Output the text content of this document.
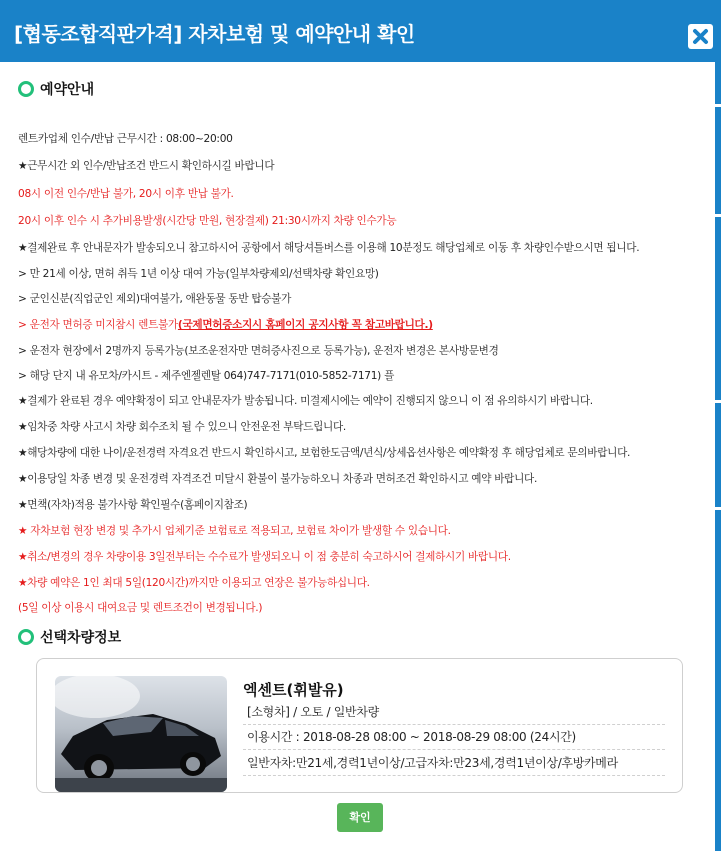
[협동조합직판가격] 자차보험 및 예약안내 확인
예약안내
렌트카업체 인수/반납 근무시간 : 08:00~20:00
★근무시간 외 인수/반납조건 반드시 확인하시길 바랍니다
08시 이전 인수/반납 불가, 20시 이후 반납 불가.
20시 이후 인수 시 추가비용발생(시간당 만원, 현장결제) 21:30시까지 차량 인수가능
★결제완료 후 안내문자가 발송되오니 참고하시어 공항에서 해당셔틀버스를 이용해 10분정도 해당업체로 이동 후 차량인수받으시면 됩니다.
> 만 21세 이상, 면허 취득 1년 이상 대여 가능(일부차량제외/선택차량 확인요망)
> 군인신분(직업군인 제외)대여불가, 애완동물 동반 탑승불가
> 운전자 면허증 미지참시 렌트불가(국제면허증소지시 홈페이지 공지사항 꼭 참고바랍니다.)
> 운전자 현장에서 2명까지 등록가능(보조운전자만 면허증사진으로 등록가능), 운전자 변경은 본사방문변경
> 해당 단지 내 유모차/카시트 - 제주엔젤렌탈 064)747-7171(010-5852-7171) 플
★결제가 완료된 경우 예약확정이 되고 안내문자가 발송됩니다. 미결제시에는 예약이 진행되지 않으니 이 점 유의하시기 바랍니다.
★임차중 차량 사고시 차량 회수조치 될 수 있으니 안전운전 부탁드립니다.
★해당차량에 대한 나이/운전경력 자격요건 반드시 확인하시고, 보험한도금액/년식/상세옵션사항은 예약확정 후 해당업체로 문의바랍니다.
★이용당일 차종 변경 및 운전경력 자격조건 미달시 환불이 불가능하오니 차종과 면허조건 확인하시고 예약 바랍니다.
★면책(자차)적용 불가사항 확인필수(홈페이지참조)
★ 자차보험 현장 변경 및 추가시 업체기준 보험료로 적용되고, 보험료 차이가 발생할 수 있습니다.
★취소/변경의 경우 차량이용 3일전부터는 수수료가 발생되오니 이 점 충분히 숙고하시어 결제하시기 바랍니다.
★차량 예약은 1인 최대 5일(120시간)까지만 이용되고 연장은 불가능하십니다.
(5일 이상 이용시 대여요금 및 렌트조건이 변경됩니다.)
선택차량정보
엑센트(휘발유)
[소형차] / 오토 / 일반차량
이용시간 : 2018-08-28 08:00 ~ 2018-08-29 08:00 (24시간)
일반자차:만21세,경력1년이상/고급자차:만23세,경력1년이상/후방카메라
확인
